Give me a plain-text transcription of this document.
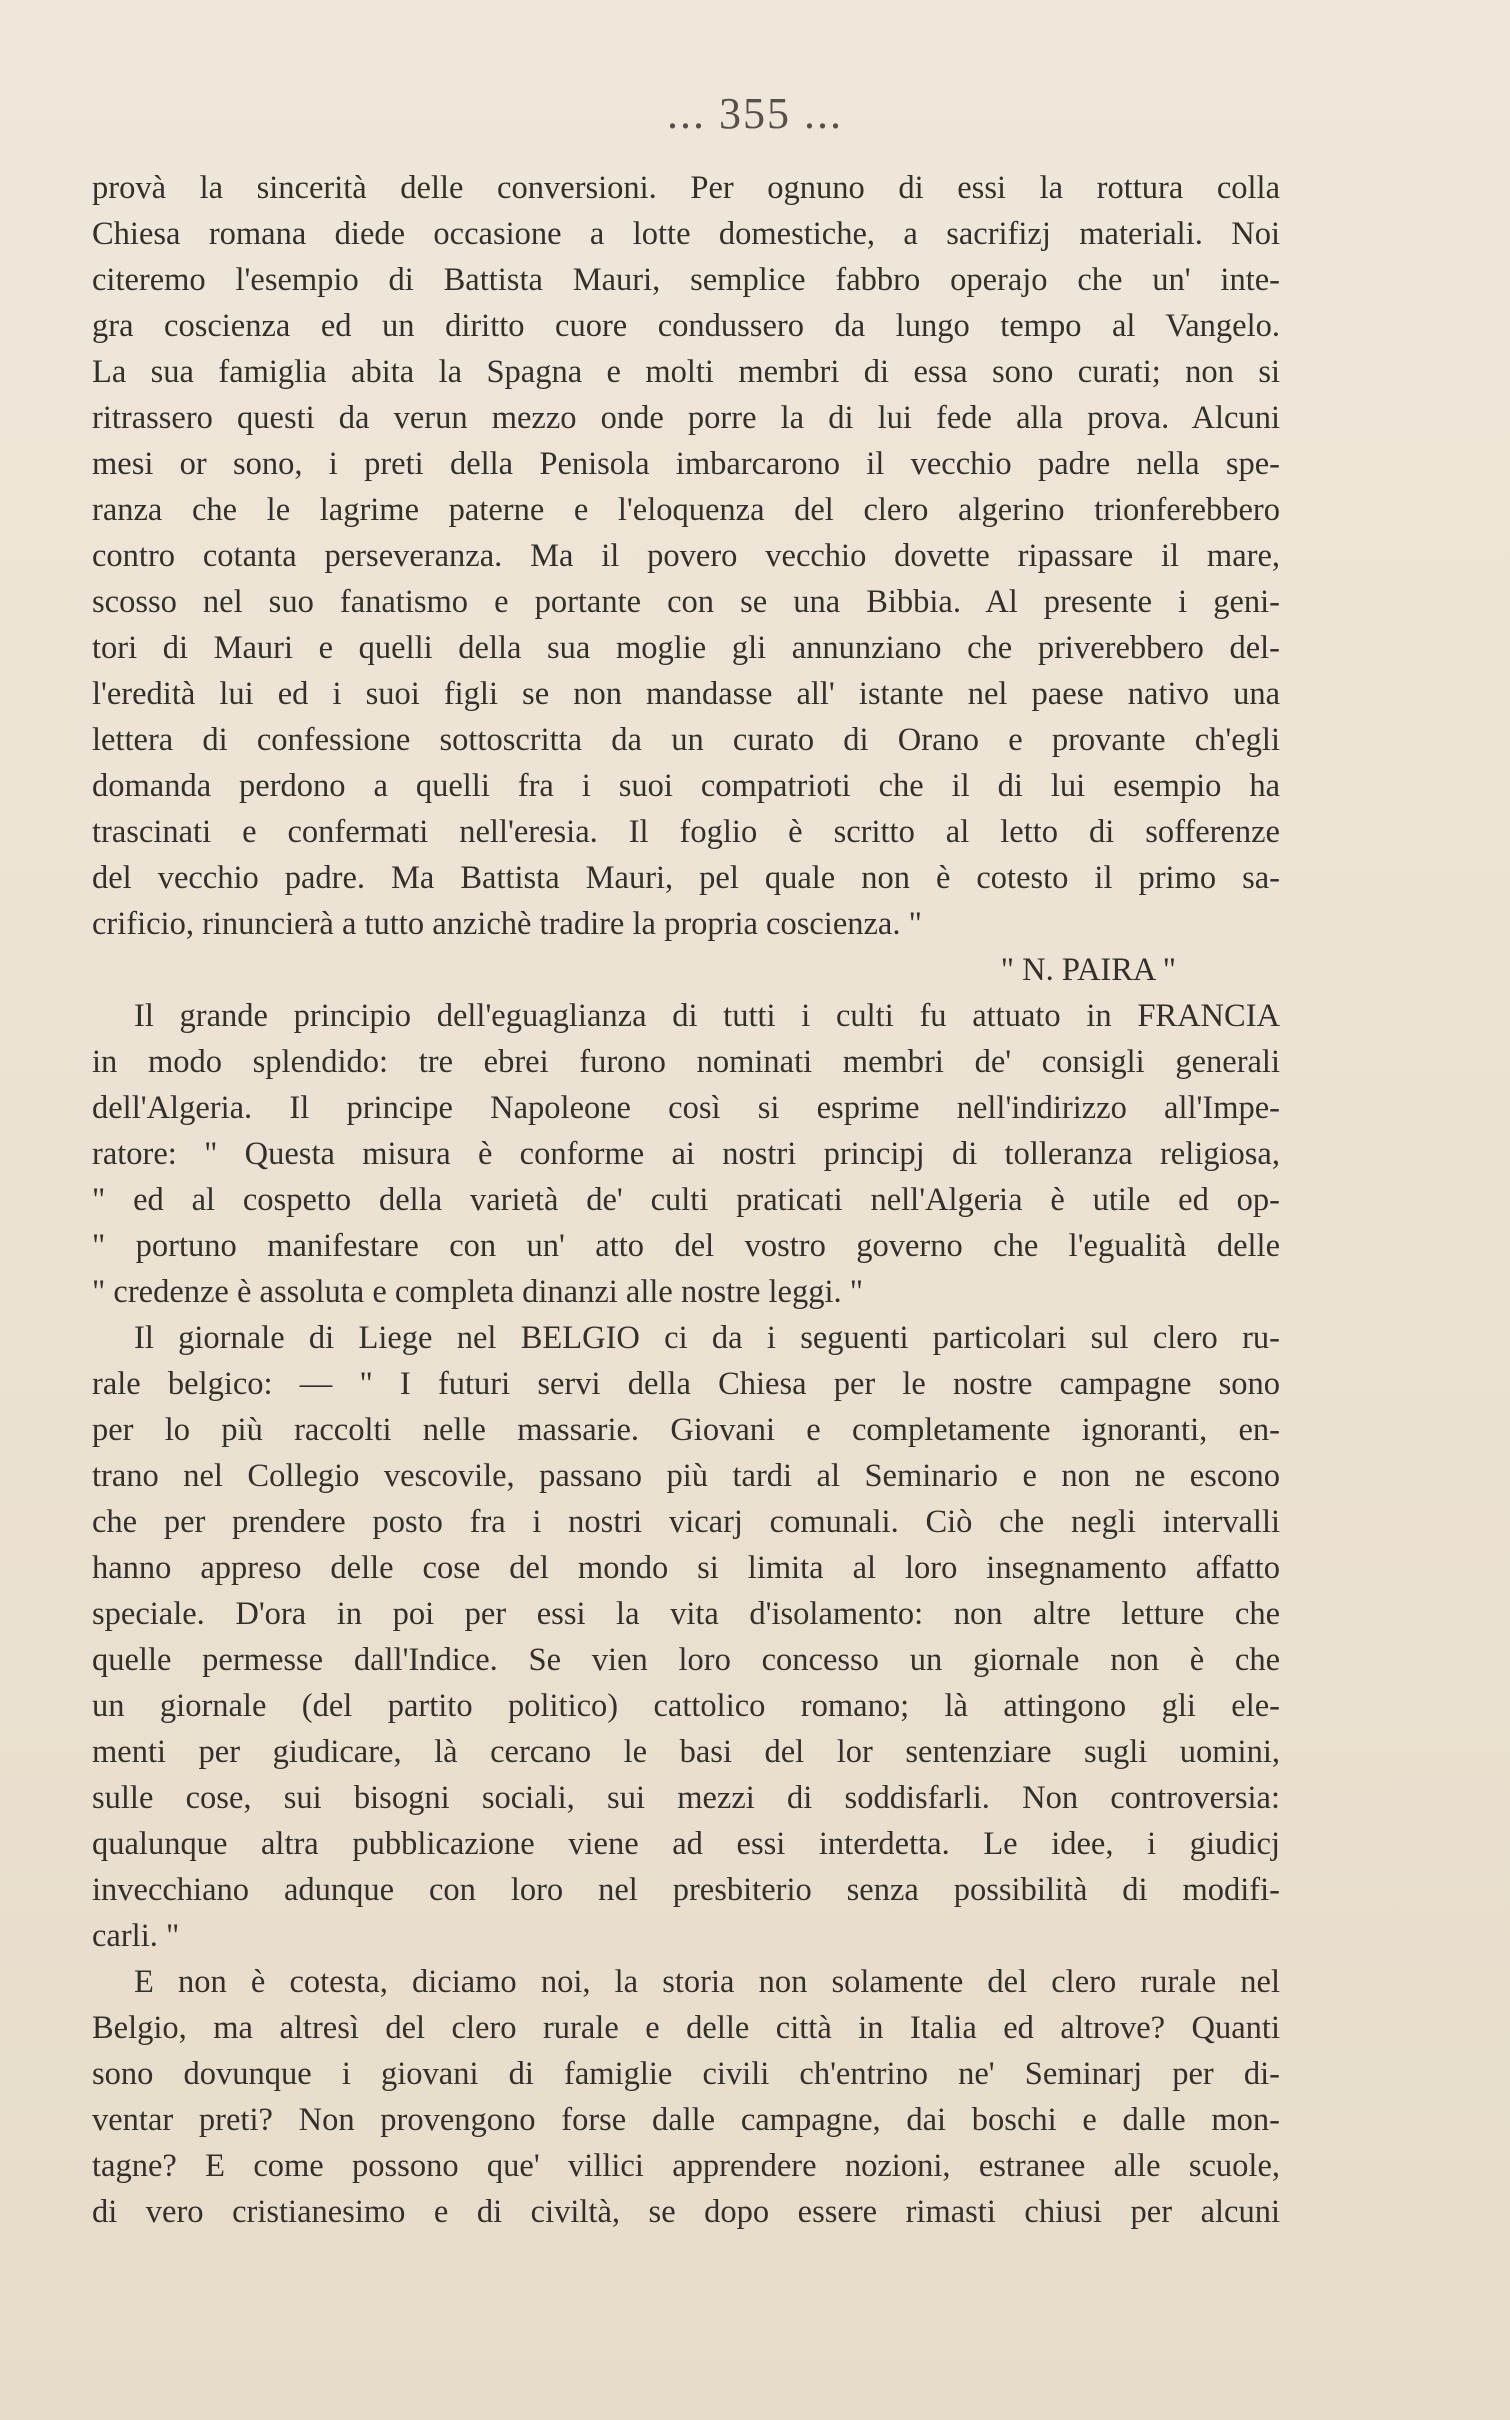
... 355 ...
provà la sincerità delle conversioni. Per ognuno di essi la rottura colla
Chiesa romana diede occasione a lotte domestiche, a sacrifizj materiali. Noi
citeremo l'esempio di Battista Mauri, semplice fabbro operajo che un' inte-
gra coscienza ed un diritto cuore condussero da lungo tempo al Vangelo.
La sua famiglia abita la Spagna e molti membri di essa sono curati; non si
ritrassero questi da verun mezzo onde porre la di lui fede alla prova. Alcuni
mesi or sono, i preti della Penisola imbarcarono il vecchio padre nella spe-
ranza che le lagrime paterne e l'eloquenza del clero algerino trionferebbero
contro cotanta perseveranza. Ma il povero vecchio dovette ripassare il mare,
scosso nel suo fanatismo e portante con se una Bibbia. Al presente i geni-
tori di Mauri e quelli della sua moglie gli annunziano che priverebbero del-
l'eredità lui ed i suoi figli se non mandasse all' istante nel paese nativo una
lettera di confessione sottoscritta da un curato di Orano e provante ch'egli
domanda perdono a quelli fra i suoi compatrioti che il di lui esempio ha
trascinati e confermati nell'eresia. Il foglio è scritto al letto di sofferenze
del vecchio padre. Ma Battista Mauri, pel quale non è cotesto il primo sa-
crificio, rinuncierà a tutto anzichè tradire la propria coscienza. "
" N. PAIRA "
Il grande principio dell'eguaglianza di tutti i culti fu attuato in FRANCIA
in modo splendido: tre ebrei furono nominati membri de' consigli generali
dell'Algeria. Il principe Napoleone così si esprime nell'indirizzo all'Impe-
ratore: " Questa misura è conforme ai nostri principj di tolleranza religiosa,
" ed al cospetto della varietà de' culti praticati nell'Algeria è utile ed op-
" portuno manifestare con un' atto del vostro governo che l'egualità delle
" credenze è assoluta e completa dinanzi alle nostre leggi. "
Il giornale di Liege nel BELGIO ci da i seguenti particolari sul clero ru-
rale belgico: — " I futuri servi della Chiesa per le nostre campagne sono
per lo più raccolti nelle massarie. Giovani e completamente ignoranti, en-
trano nel Collegio vescovile, passano più tardi al Seminario e non ne escono
che per prendere posto fra i nostri vicarj comunali. Ciò che negli intervalli
hanno appreso delle cose del mondo si limita al loro insegnamento affatto
speciale. D'ora in poi per essi la vita d'isolamento: non altre letture che
quelle permesse dall'Indice. Se vien loro concesso un giornale non è che
un giornale (del partito politico) cattolico romano; là attingono gli ele-
menti per giudicare, là cercano le basi del lor sentenziare sugli uomini,
sulle cose, sui bisogni sociali, sui mezzi di soddisfarli. Non controversia:
qualunque altra pubblicazione viene ad essi interdetta. Le idee, i giudicj
invecchiano adunque con loro nel presbiterio senza possibilità di modifi-
carli. "
E non è cotesta, diciamo noi, la storia non solamente del clero rurale nel
Belgio, ma altresì del clero rurale e delle città in Italia ed altrove? Quanti
sono dovunque i giovani di famiglie civili ch'entrino ne' Seminarj per di-
ventar preti? Non provengono forse dalle campagne, dai boschi e dalle mon-
tagne? E come possono que' villici apprendere nozioni, estranee alle scuole,
di vero cristianesimo e di civiltà, se dopo essere rimasti chiusi per alcuni
